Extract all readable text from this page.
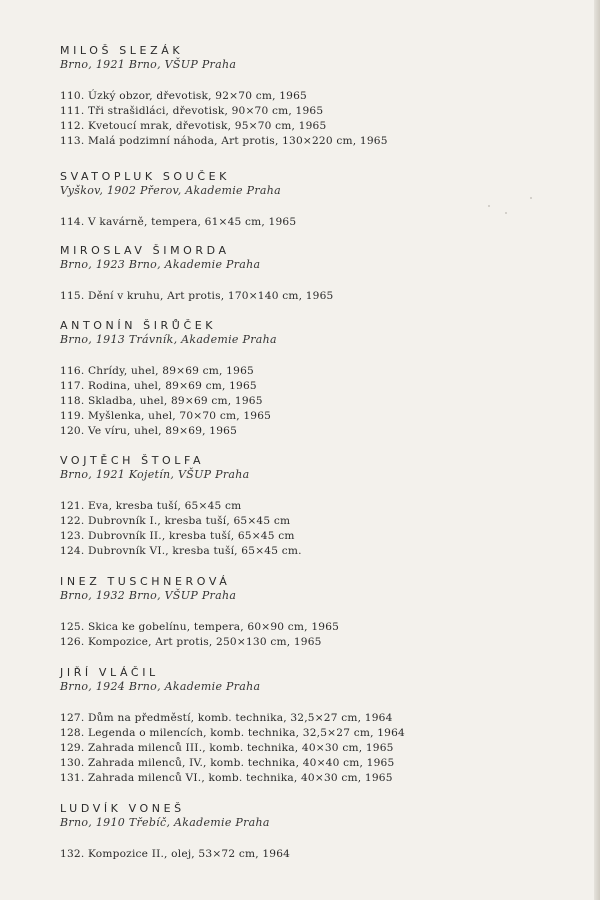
MILOŠ SLEZÁK
Brno, 1921 Brno, VŠUP Praha
110. Úzký obzor, dřevotisk, 92×70 cm, 1965
111. Tři strašidláci, dřevotisk, 90×70 cm, 1965
112. Kvetoucí mrak, dřevotisk, 95×70 cm, 1965
113. Malá podzimní náhoda, Art protis, 130×220 cm, 1965
SVATOPLUK SOUČEK
Vyškov, 1902 Přerov, Akademie Praha
114. V kavárně, tempera, 61×45 cm, 1965
MIROSLAV ŠIMORDA
Brno, 1923 Brno, Akademie Praha
115. Dění v kruhu, Art protis, 170×140 cm, 1965
ANTONÍN ŠIRŮČEK
Brno, 1913 Trávník, Akademie Praha
116. Chrídy, uhel, 89×69 cm, 1965
117. Rodina, uhel, 89×69 cm, 1965
118. Skladba, uhel, 89×69 cm, 1965
119. Myšlenka, uhel, 70×70 cm, 1965
120. Ve víru, uhel, 89×69, 1965
VOJTĚCH ŠTOLFA
Brno, 1921 Kojetín, VŠUP Praha
121. Eva, kresba tuší, 65×45 cm
122. Dubrovník I., kresba tuší, 65×45 cm
123. Dubrovník II., kresba tuší, 65×45 cm
124. Dubrovník VI., kresba tuší, 65×45 cm.
INEZ TUSCHNEROVÁ
Brno, 1932 Brno, VŠUP Praha
125. Skica ke gobelínu, tempera, 60×90 cm, 1965
126. Kompozice, Art protis, 250×130 cm, 1965
JIŘÍ VLÁČIL
Brno, 1924 Brno, Akademie Praha
127. Dům na předměstí, komb. technika, 32,5×27 cm, 1964
128. Legenda o milencích, komb. technika, 32,5×27 cm, 1964
129. Zahrada milenců III., komb. technika, 40×30 cm, 1965
130. Zahrada milenců, IV., komb. technika, 40×40 cm, 1965
131. Zahrada milenců VI., komb. technika, 40×30 cm, 1965
LUDVÍK VONEŠ
Brno, 1910 Třebíč, Akademie Praha
132. Kompozice II., olej, 53×72 cm, 1964
